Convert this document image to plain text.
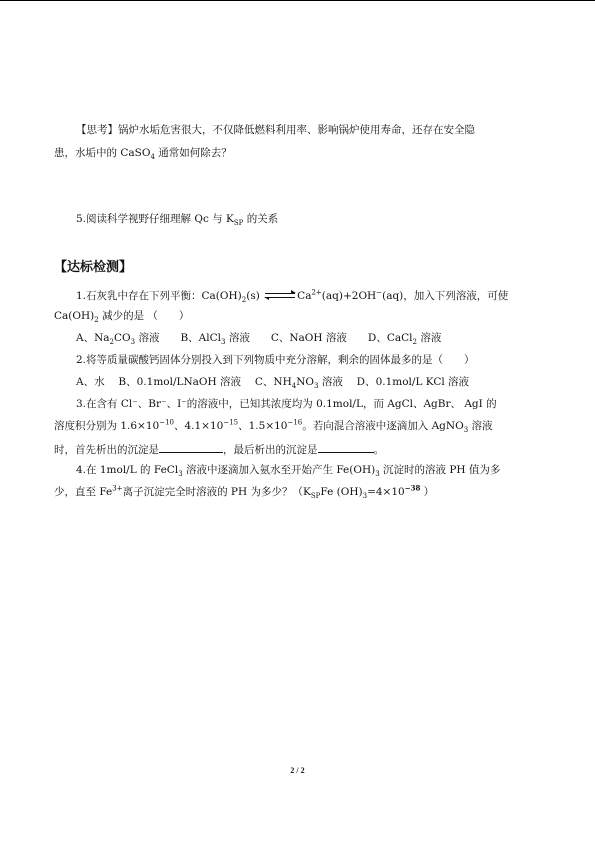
【思考】锅炉水垢危害很大，不仅降低燃料利用率、影响锅炉使用寿命，还存在安全隐
患，水垢中的 CaSO$_4$ 通常如何除去？
5.阅读科学视野仔细理解 Qc 与 $K_{SP}$ 的关系
【达标检测】
1.石灰乳中存在下列平衡：$Ca(OH)_2(s)$ $\rightleftharpoons Ca^{2+}(aq)+2OH^-(aq)$，加入下列溶液，可使
$Ca(OH)_2$ 减少的是 （　　）
A、$Na_2CO_3$ 溶液　　B、AlCl$_3$ 溶液　　C、NaOH 溶液　　D、CaCl$_2$ 溶液
2.将等质量碳酸钙固体分别投入到下列物质中充分溶解，剩余的固体最多的是（　　）
A、水　 B、0.1mol/LNaOH 溶液　 C、$NH_4NO_3$ 溶液　 D、0.1mol/L KCl 溶液
3.在含有 Cl⁻、Br⁻、I⁻的溶液中，已知其浓度均为 0.1mol/L，而 AgCl、AgBr、 AgI 的
溶度积分别为 $1.6\times 10^{-10}$、$4.1\times 10^{-15}$、$1.5\times 10^{-16}$。若向混合溶液中逐滴加入 AgNO$_3$ 溶液
时，首先析出的沉淀是	，最后析出的沉淀是	。
4.在 1mol/L 的 FeCl$_3$ 溶液中逐滴加入氨水至开始产生 $Fe(OH)_3$ 沉淀时的溶液 PH 值为多
少，直至 $Fe^{3+}$离子沉淀完全时溶液的 PH 为多少？（$K_{SP}Fe$ $(OH)_3=4\times 10^{-38}$ ）
2 / 2
